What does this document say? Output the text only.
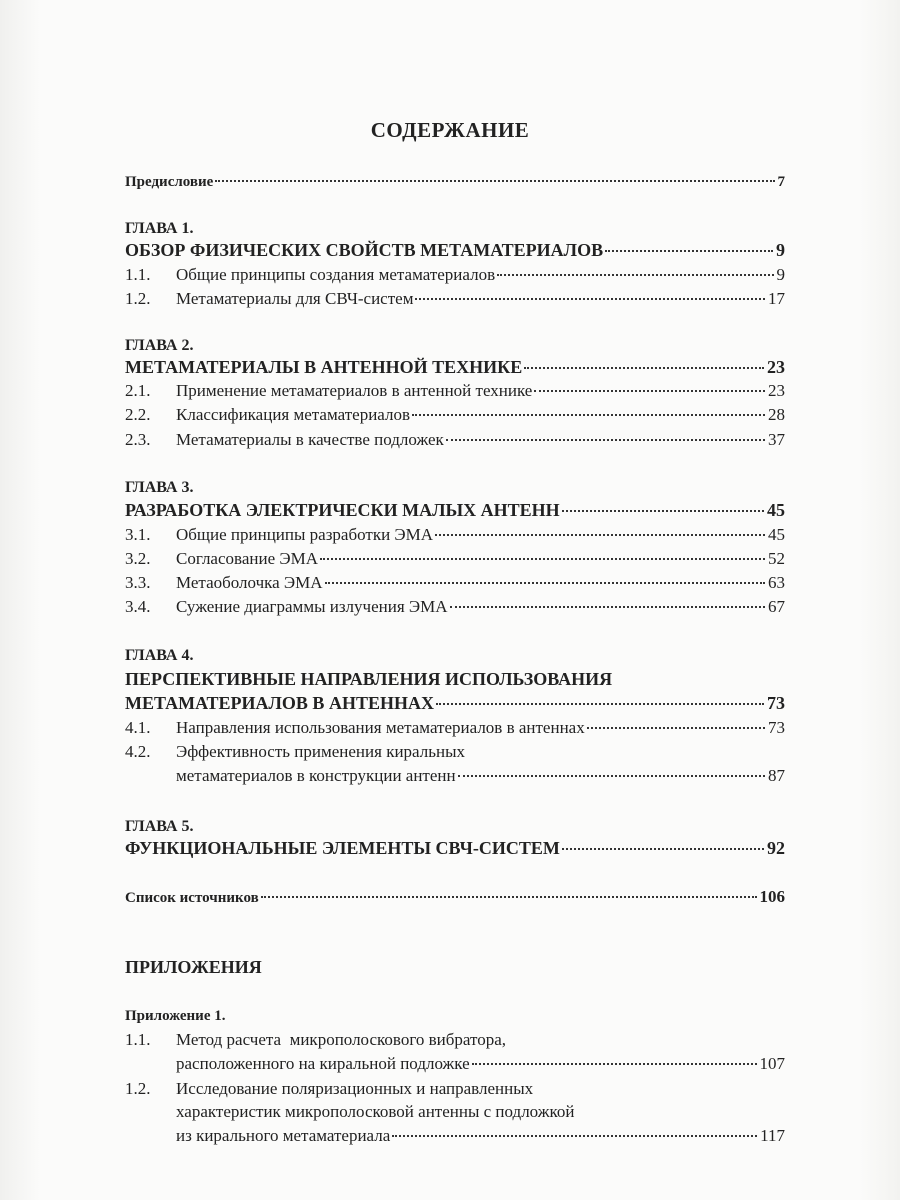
СОДЕРЖАНИЕ
Предисловие	7
ГЛАВА 1.
ОБЗОР ФИЗИЧЕСКИХ СВОЙСТВ МЕТАМАТЕРИАЛОВ	9
1.1.	Общие принципы создания метаматериалов	9
1.2.	Метаматериалы для СВЧ-систем	17
ГЛАВА 2.
МЕТАМАТЕРИАЛЫ В АНТЕННОЙ ТЕХНИКЕ	23
2.1.	Применение метаматериалов в антенной технике	23
2.2.	Классификация метаматериалов	28
2.3.	Метаматериалы в качестве подложек	37
ГЛАВА 3.
РАЗРАБОТКА ЭЛЕКТРИЧЕСКИ МАЛЫХ АНТЕНН	45
3.1.	Общие принципы разработки ЭМА	45
3.2.	Согласование ЭМА	52
3.3.	Метаоболочка ЭМА	63
3.4.	Сужение диаграммы излучения ЭМА	67
ГЛАВА 4.
ПЕРСПЕКТИВНЫЕ НАПРАВЛЕНИЯ ИСПОЛЬЗОВАНИЯ
МЕТАМАТЕРИАЛОВ В АНТЕННАХ	73
4.1.	Направления использования метаматериалов в антеннах	73
4.2.	Эффективность применения киральных
метаматериалов в конструкции антенн	87
ГЛАВА 5.
ФУНКЦИОНАЛЬНЫЕ ЭЛЕМЕНТЫ СВЧ-СИСТЕМ	92
Список источников	106
ПРИЛОЖЕНИЯ
Приложение 1.
1.1.	Метод расчета  микрополоскового вибратора,
расположенного на киральной подложке	107
1.2.	Исследование поляризационных и направленных
характеристик микрополосковой антенны с подложкой
из кирального метаматериала	117
